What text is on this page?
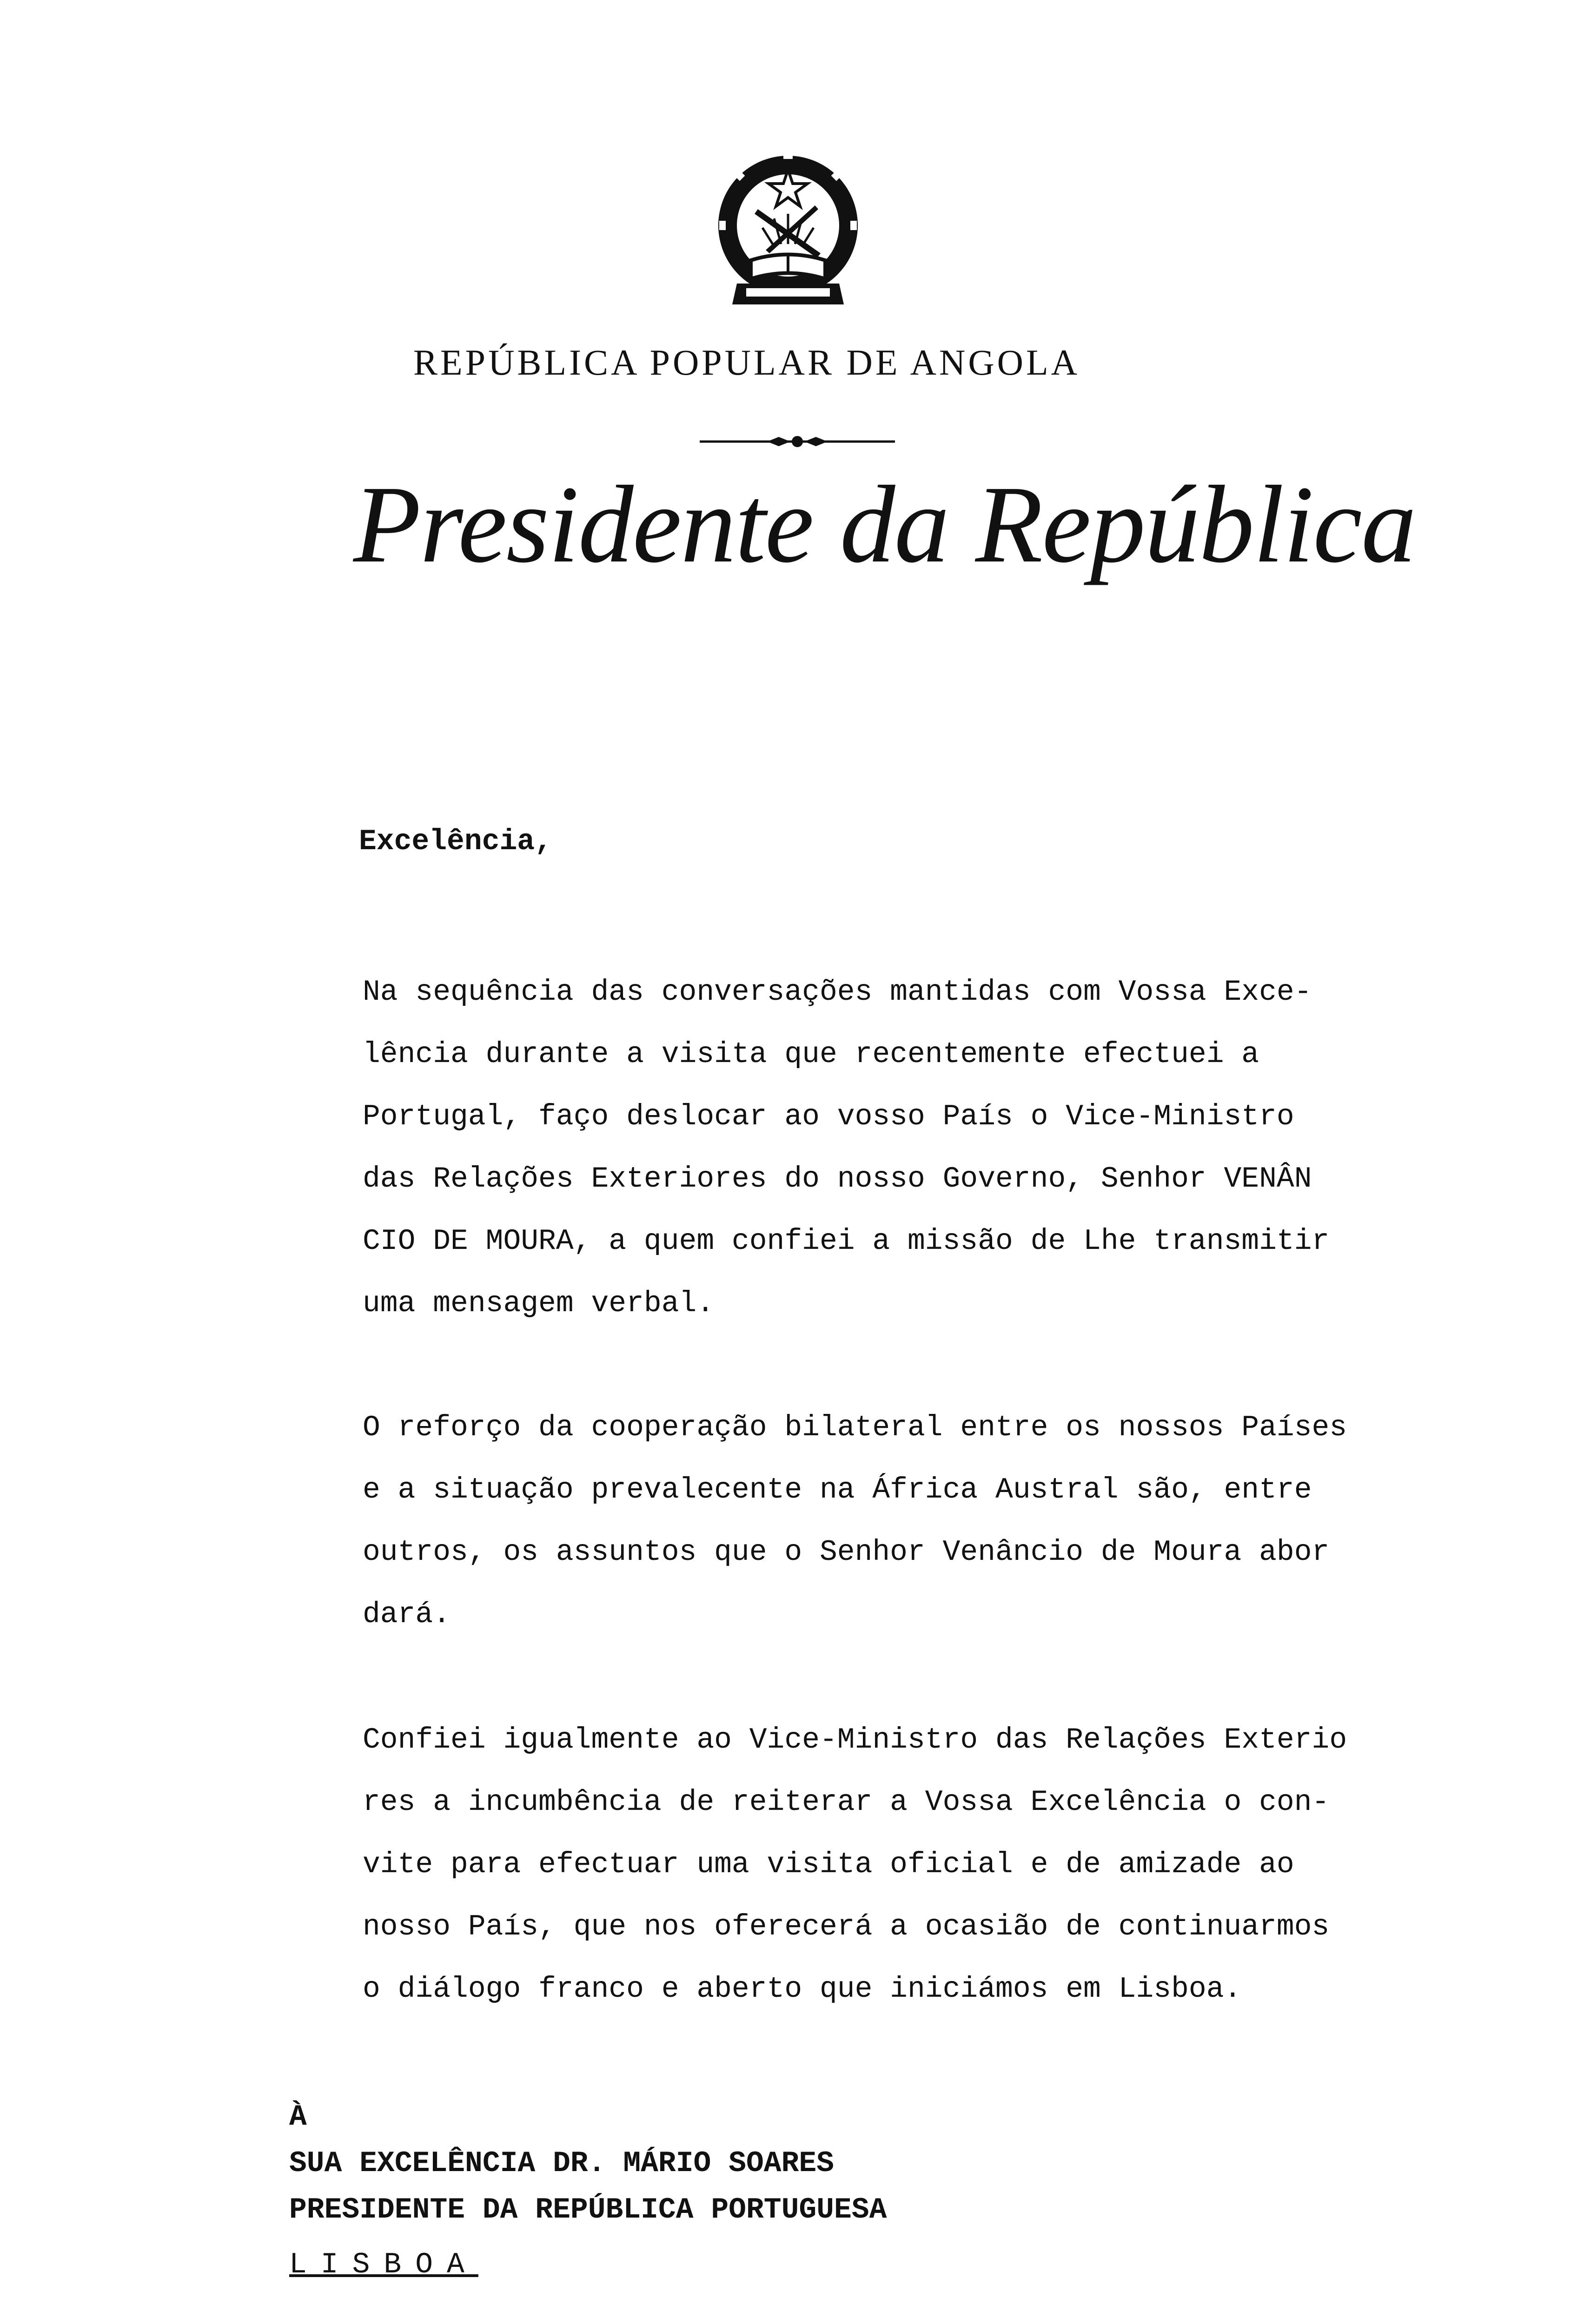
REPÚBLICA POPULAR DE ANGOLA
Presidente da República
Excelência,
Na sequência das conversações mantidas com Vossa Exce-
lência durante a visita que recentemente efectuei a
Portugal, faço deslocar ao vosso País o Vice-Ministro
das Relações Exteriores do nosso Governo, Senhor VENÂN
CIO DE MOURA, a quem confiei a missão de Lhe transmitir
uma mensagem verbal.
O reforço da cooperação bilateral entre os nossos Países
e a situação prevalecente na África Austral são, entre
outros, os assuntos que o Senhor Venâncio de Moura abor
dará.
Confiei igualmente ao Vice-Ministro das Relações Exterio
res a incumbência de reiterar a Vossa Excelência o con-
vite para efectuar uma visita oficial e de amizade ao
nosso País, que nos oferecerá a ocasião de continuarmos
o diálogo franco e aberto que iniciámos em Lisboa.
À
SUA EXCELÊNCIA DR. MÁRIO SOARES
PRESIDENTE DA REPÚBLICA PORTUGUESA
LISBOA
